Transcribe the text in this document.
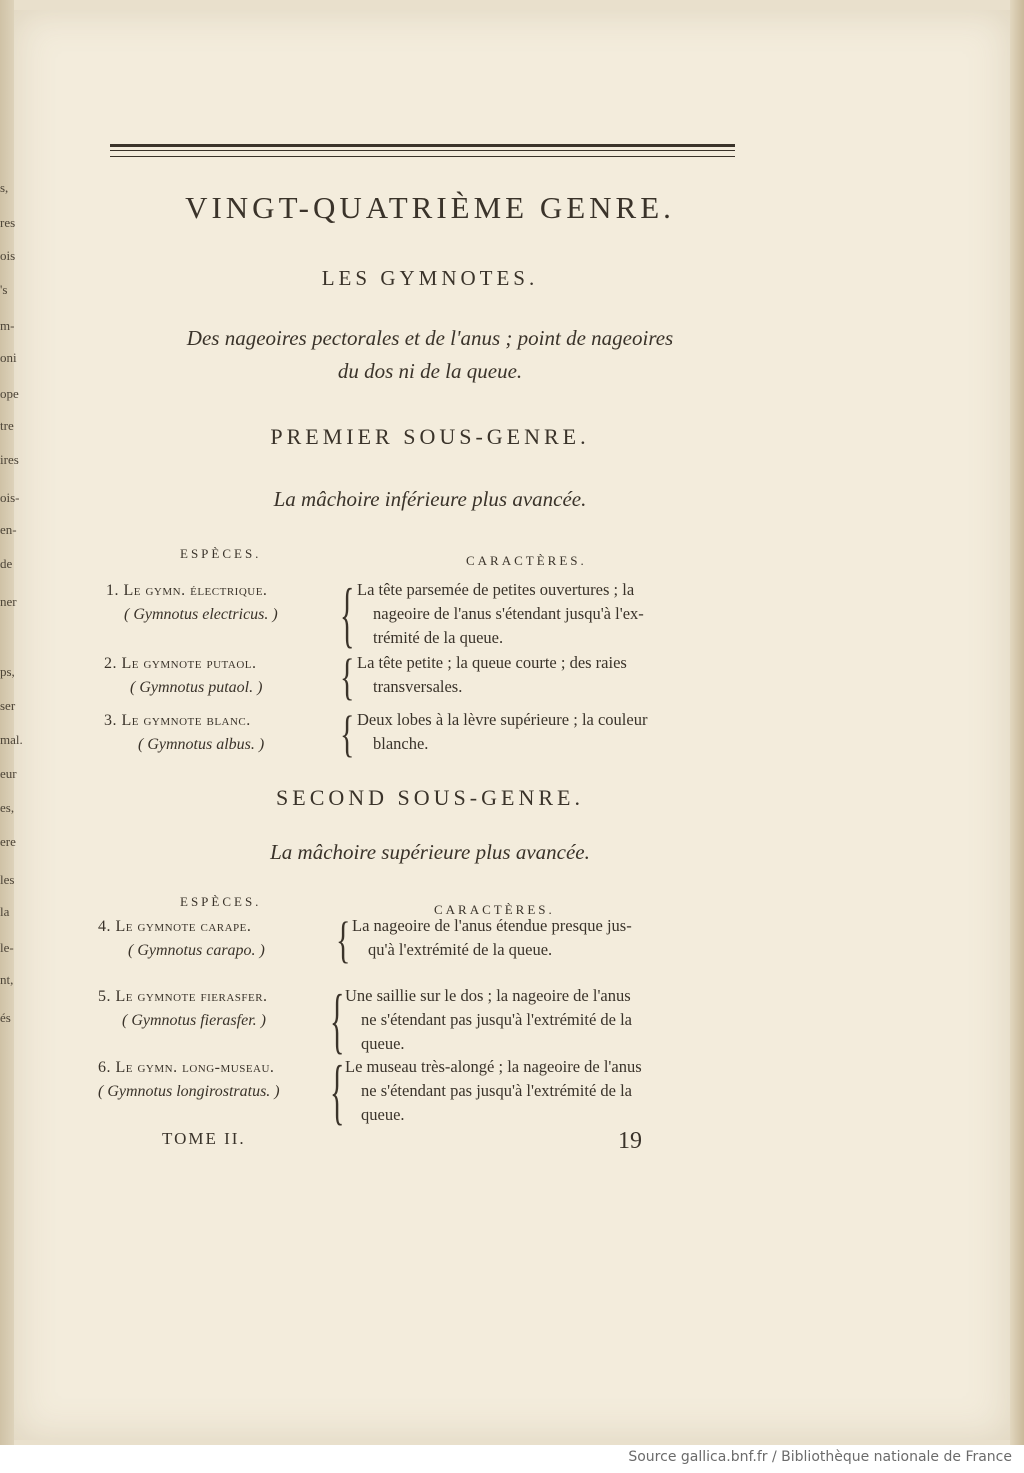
s,
res
ois
's
m-
oni
ope
tre
ires
ois-
en-
de
ner
ps,
ser
mal.
eur
es,
ere
les
la
le-
nt,
és
VINGT-QUATRIÈME GENRE.
LES GYMNOTES.
Des nageoires pectorales et de l'anus ; point de nageoires
du dos ni de la queue.
PREMIER SOUS-GENRE.
La mâchoire inférieure plus avancée.
ESPÈCES.	CARACTÈRES.
1. Le gymn. électrique.
( Gymnotus electricus. ) { La tête parsemée de petites ouvertures ; la
nageoire de l'anus s'étendant jusqu'à l'ex-
trémité de la queue.
2. Le gymnote putaol.
( Gymnotus putaol. )	{ La tête petite ; la queue courte ; des raies
transversales.
3. Le gymnote blanc.
( Gymnotus albus. )	{ Deux lobes à la lèvre supérieure ; la couleur
blanche.
SECOND SOUS-GENRE.
La mâchoire supérieure plus avancée.
ESPÈCES.
CARACTÈRES.
4. Le gymnote carape.
( Gymnotus carapo. ) { La nageoire de l'anus étendue presque jus-
qu'à l'extrémité de la queue.
5. Le gymnote fierasfer.
( Gymnotus fierasfer. ) { Une saillie sur le dos ; la nageoire de l'anus
ne s'étendant pas jusqu'à l'extrémité de la
queue.
6. Le gymn. long-museau.
( Gymnotus longirostratus. ) { Le museau très-alongé ; la nageoire de l'anus
ne s'étendant pas jusqu'à l'extrémité de la
queue.
TOME II.	19
Source gallica.bnf.fr / Bibliothèque nationale de France
